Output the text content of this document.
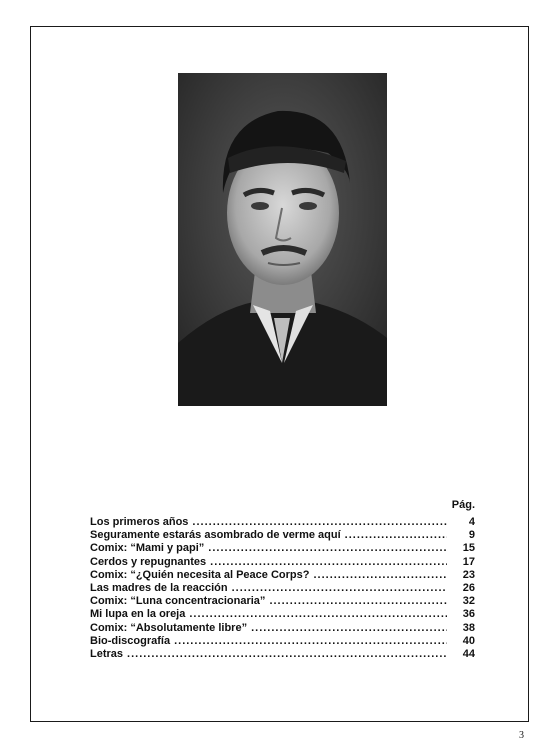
Pág.
Los primeros años .....	4
Seguramente estarás asombrado de verme aquí .....	9
Comix: “Mami y papi” .....	15
Cerdos y repugnantes .....	17
Comix: “¿Quién necesita al Peace Corps? .....	23
Las madres de la reacción .....	26
Comix: “Luna concentracionaria” .....	32
Mi lupa en la oreja .....	36
Comix: “Absolutamente libre” .....	38
Bio-discografía .....	40
Letras .....	44
3
